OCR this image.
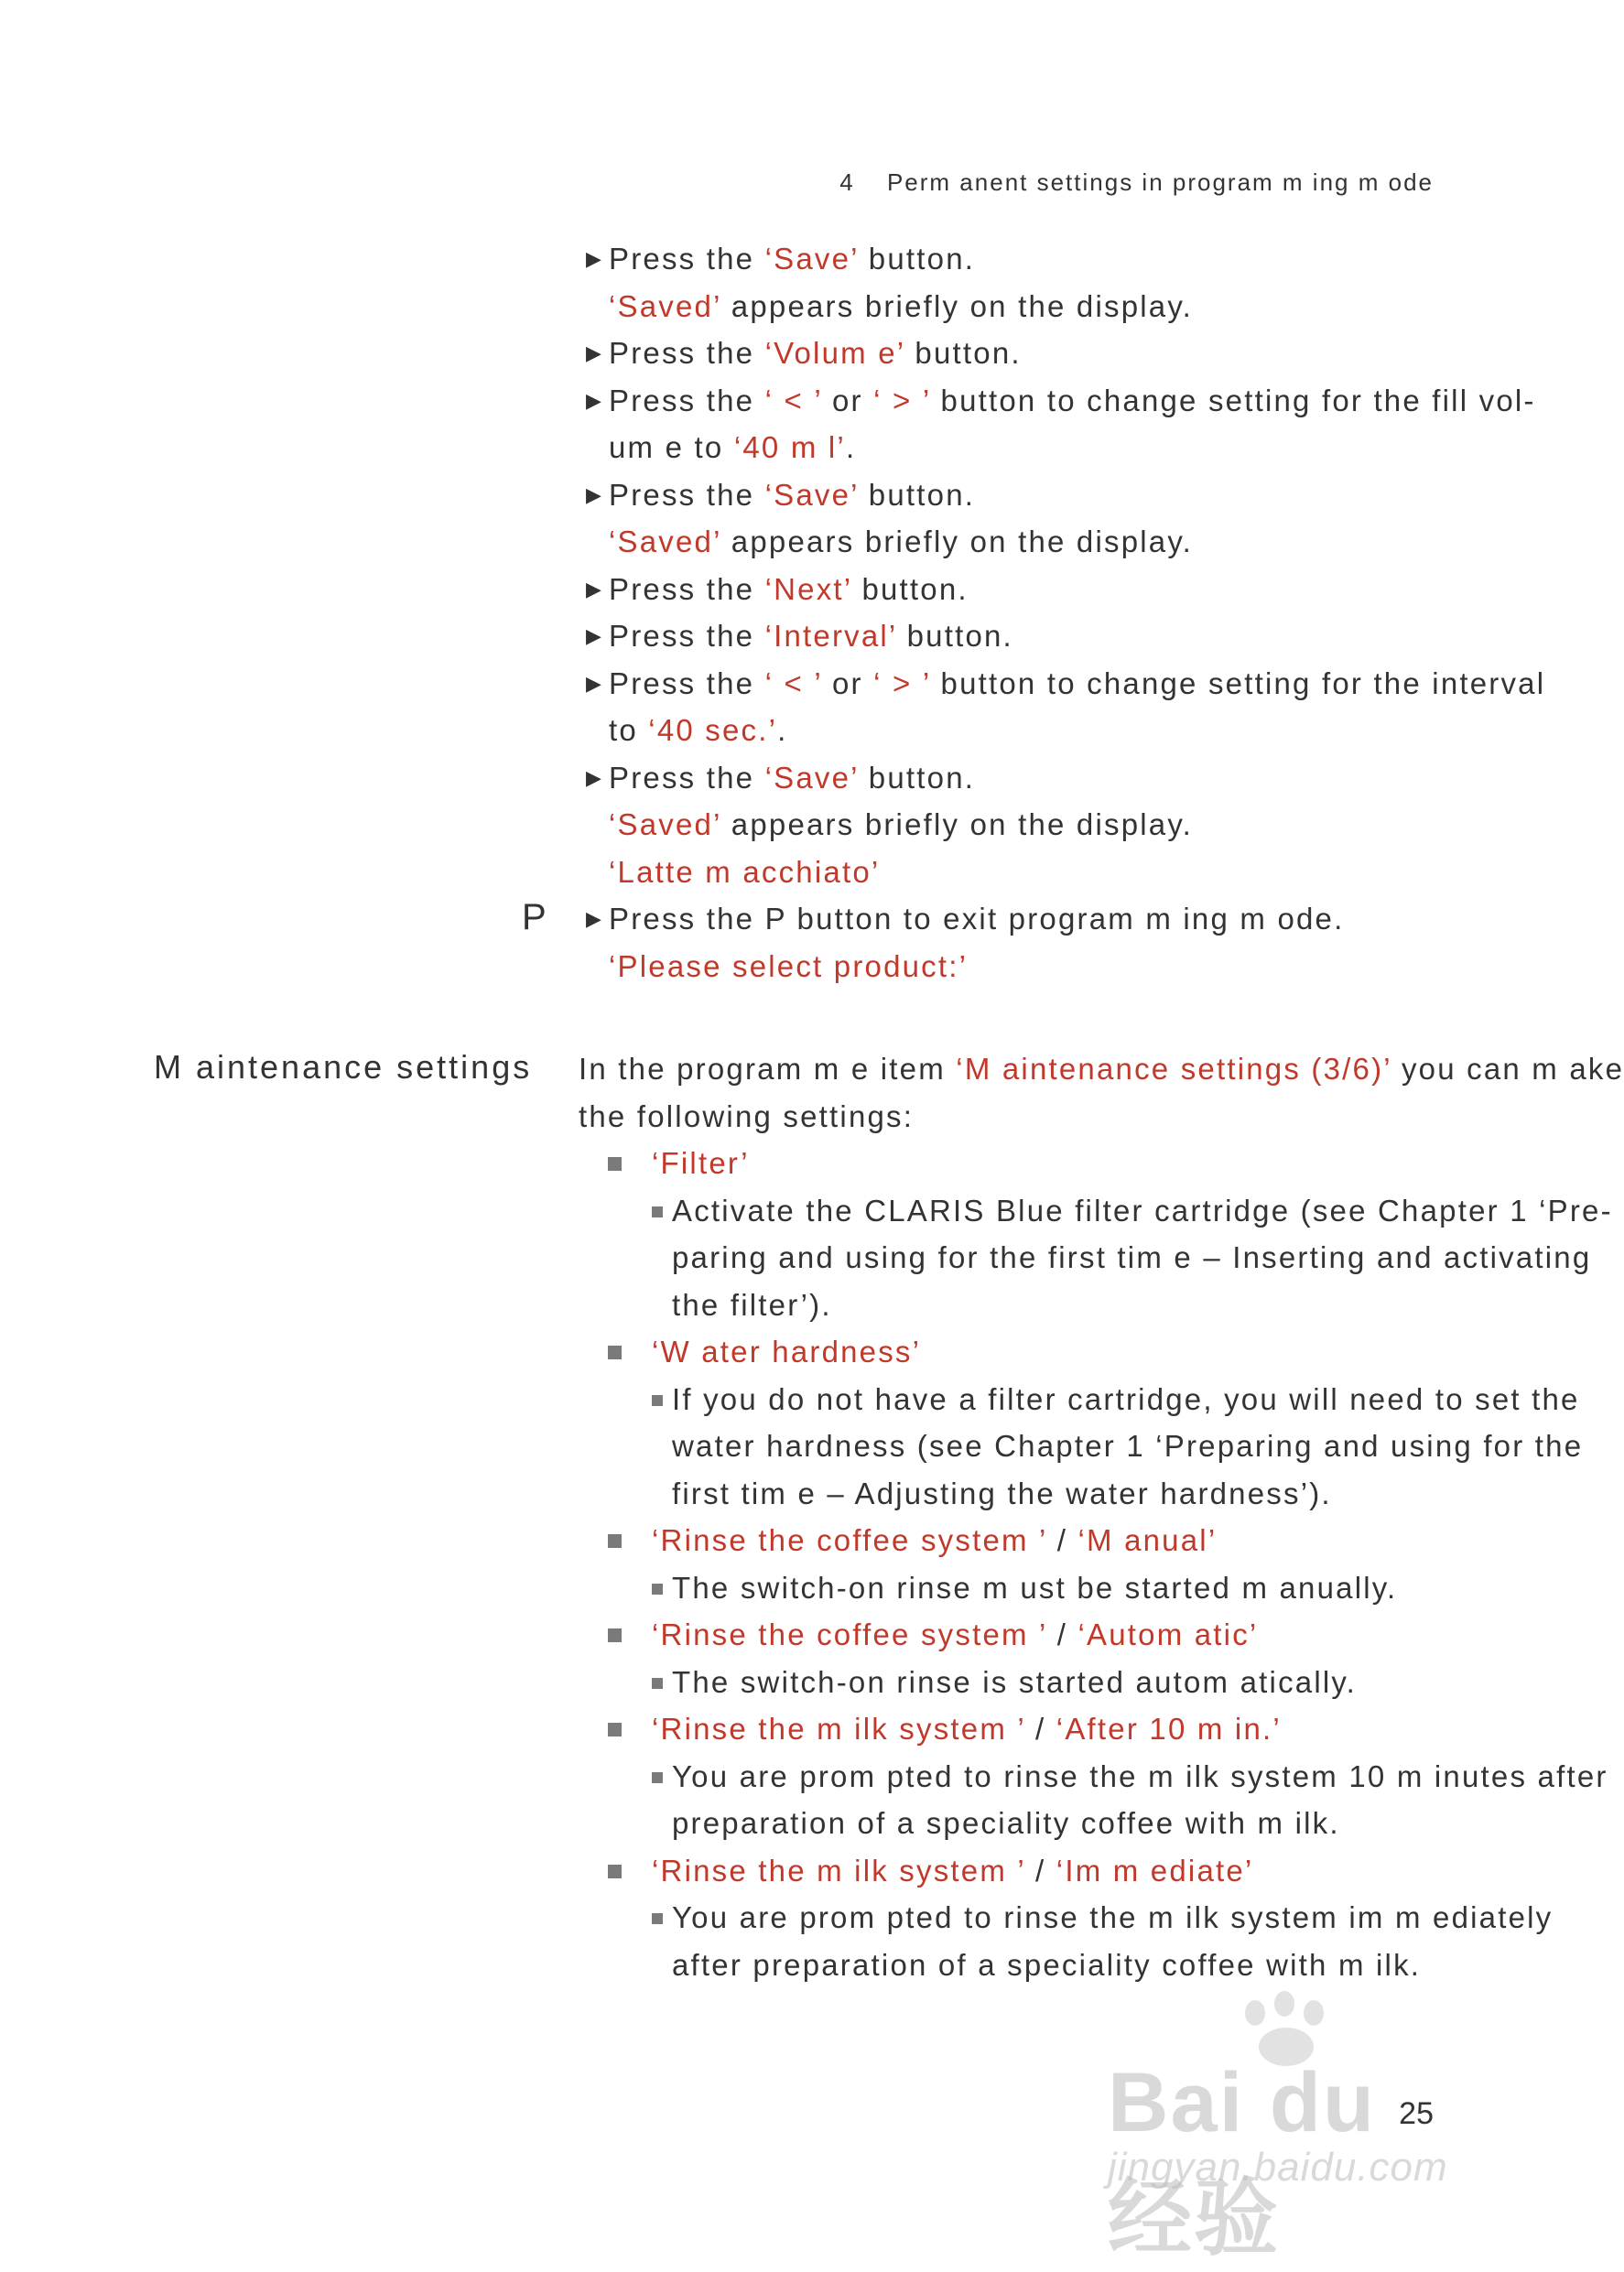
4 Perm anent settings in program m ing m ode
▶ Press the ‘Save’ button.
‘Saved’ appears briefly on the display.
▶ Press the ‘Volum e’ button.
▶ Press the ‘ < ’ or ‘ > ’ button to change setting for the fill vol-
um e to ‘40 m l’.
▶ Press the ‘Save’ button.
‘Saved’ appears briefly on the display.
▶ Press the ‘Next’ button.
▶ Press the ‘Interval’ button.
▶ Press the ‘ < ’ or ‘ > ’ button to change setting for the interval
to ‘40 sec.’.
▶ Press the ‘Save’ button.
‘Saved’ appears briefly on the display.
‘Latte m acchiato’
▶
P Press the P button to exit program m ing m ode.
‘Please select product:’
M aintenance settings In the program m e item ‘M aintenance settings (3/6)’ you can m ake
the following settings:
‘Filter’
Activate the CLARIS Blue filter cartridge (see Chapter 1 ‘Pre-
paring and using for the first tim e – Inserting and activating
the filter’).
‘W ater hardness’
If you do not have a filter cartridge, you will need to set the
water hardness (see Chapter 1 ‘Preparing and using for the
first tim e – Adjusting the water hardness’).
‘Rinse the coffee system ’ / ‘M anual’
The switch-on rinse m ust be started m anually.
‘Rinse the coffee system ’ / ‘Autom atic’
The switch-on rinse is started autom atically.
‘Rinse the m ilk system ’ / ‘After 10 m in.’
You are prom pted to rinse the m ilk system 10 m inutes after
preparation of a speciality coffee with m ilk.
‘Rinse the m ilk system ’ / ‘Im m ediate’
You are prom pted to rinse the m ilk system im m ediately
after preparation of a speciality coffee with m ilk.
25
Bai du 经验
jingyan.baidu.com
